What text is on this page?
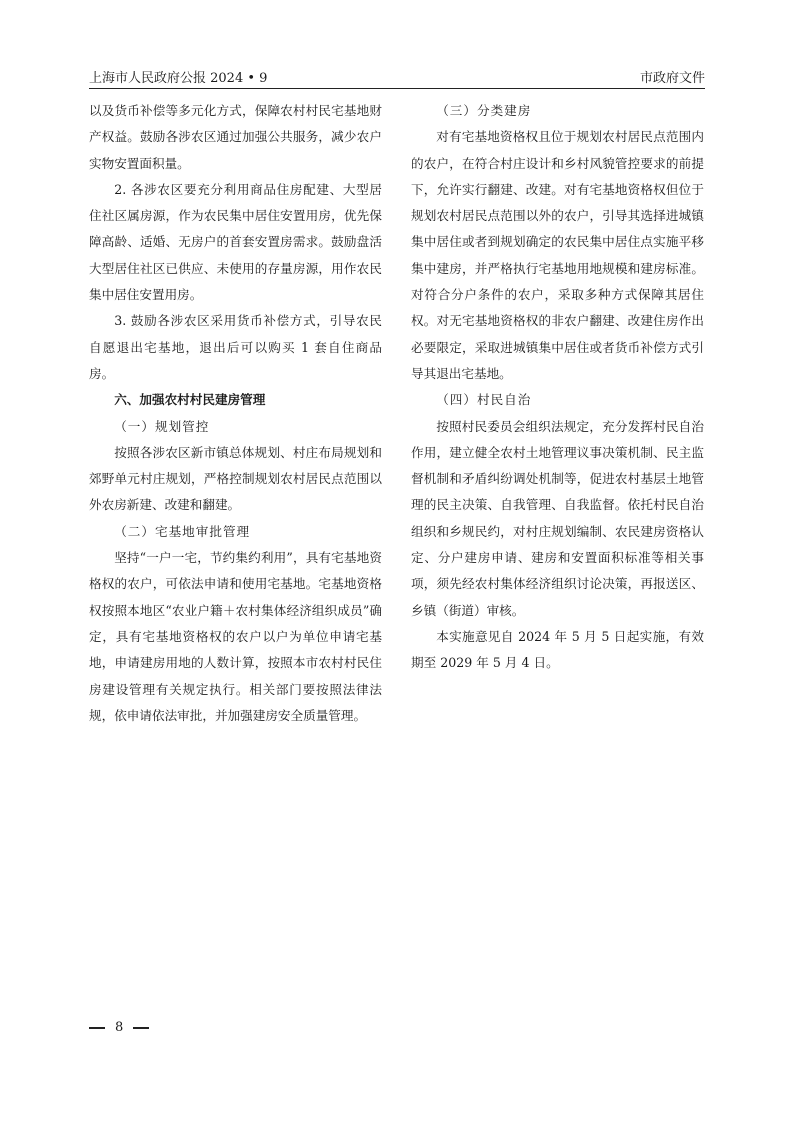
上海市人民政府公报 2024 • 9	市政府文件

以及货币补偿等多元化方式，保障农村村民宅基地财产权益。鼓励各涉农区通过加强公共服务，减少农户实物安置面积量。

2. 各涉农区要充分利用商品住房配建、大型居住社区属房源，作为农民集中居住安置用房，优先保障高龄、适婚、无房户的首套安置房需求。鼓励盘活大型居住社区已供应、未使用的存量房源，用作农民集中居住安置用房。

3. 鼓励各涉农区采用货币补偿方式，引导农民自愿退出宅基地，退出后可以购买 1 套自住商品房。

六、加强农村村民建房管理

（一）规划管控

按照各涉农区新市镇总体规划、村庄布局规划和郊野单元村庄规划，严格控制规划农村居民点范围以外农房新建、改建和翻建。

（二）宅基地审批管理

坚持“一户一宅，节约集约利用”，具有宅基地资格权的农户，可依法申请和使用宅基地。宅基地资格权按照本地区“农业户籍＋农村集体经济组织成员”确定，具有宅基地资格权的农户以户为单位申请宅基地，申请建房用地的人数计算，按照本市农村村民住房建设管理有关规定执行。相关部门要按照法律法规，依申请依法审批，并加强建房安全质量管理。

（三）分类建房

对有宅基地资格权且位于规划农村居民点范围内的农户，在符合村庄设计和乡村风貌管控要求的前提下，允许实行翻建、改建。对有宅基地资格权但位于规划农村居民点范围以外的农户，引导其选择进城镇集中居住或者到规划确定的农民集中居住点实施平移集中建房，并严格执行宅基地用地规模和建房标准。对符合分户条件的农户，采取多种方式保障其居住权。对无宅基地资格权的非农户翻建、改建住房作出必要限定，采取进城镇集中居住或者货币补偿方式引导其退出宅基地。

（四）村民自治

按照村民委员会组织法规定，充分发挥村民自治作用，建立健全农村土地管理议事决策机制、民主监督机制和矛盾纠纷调处机制等，促进农村基层土地管理的民主决策、自我管理、自我监督。依托村民自治组织和乡规民约，对村庄规划编制、农民建房资格认定、分户建房申请、建房和安置面积标准等相关事项，须先经农村集体经济组织讨论决策，再报送区、乡镇（街道）审核。

本实施意见自 2024 年 5 月 5 日起实施，有效期至 2029 年 5 月 4 日。

8
